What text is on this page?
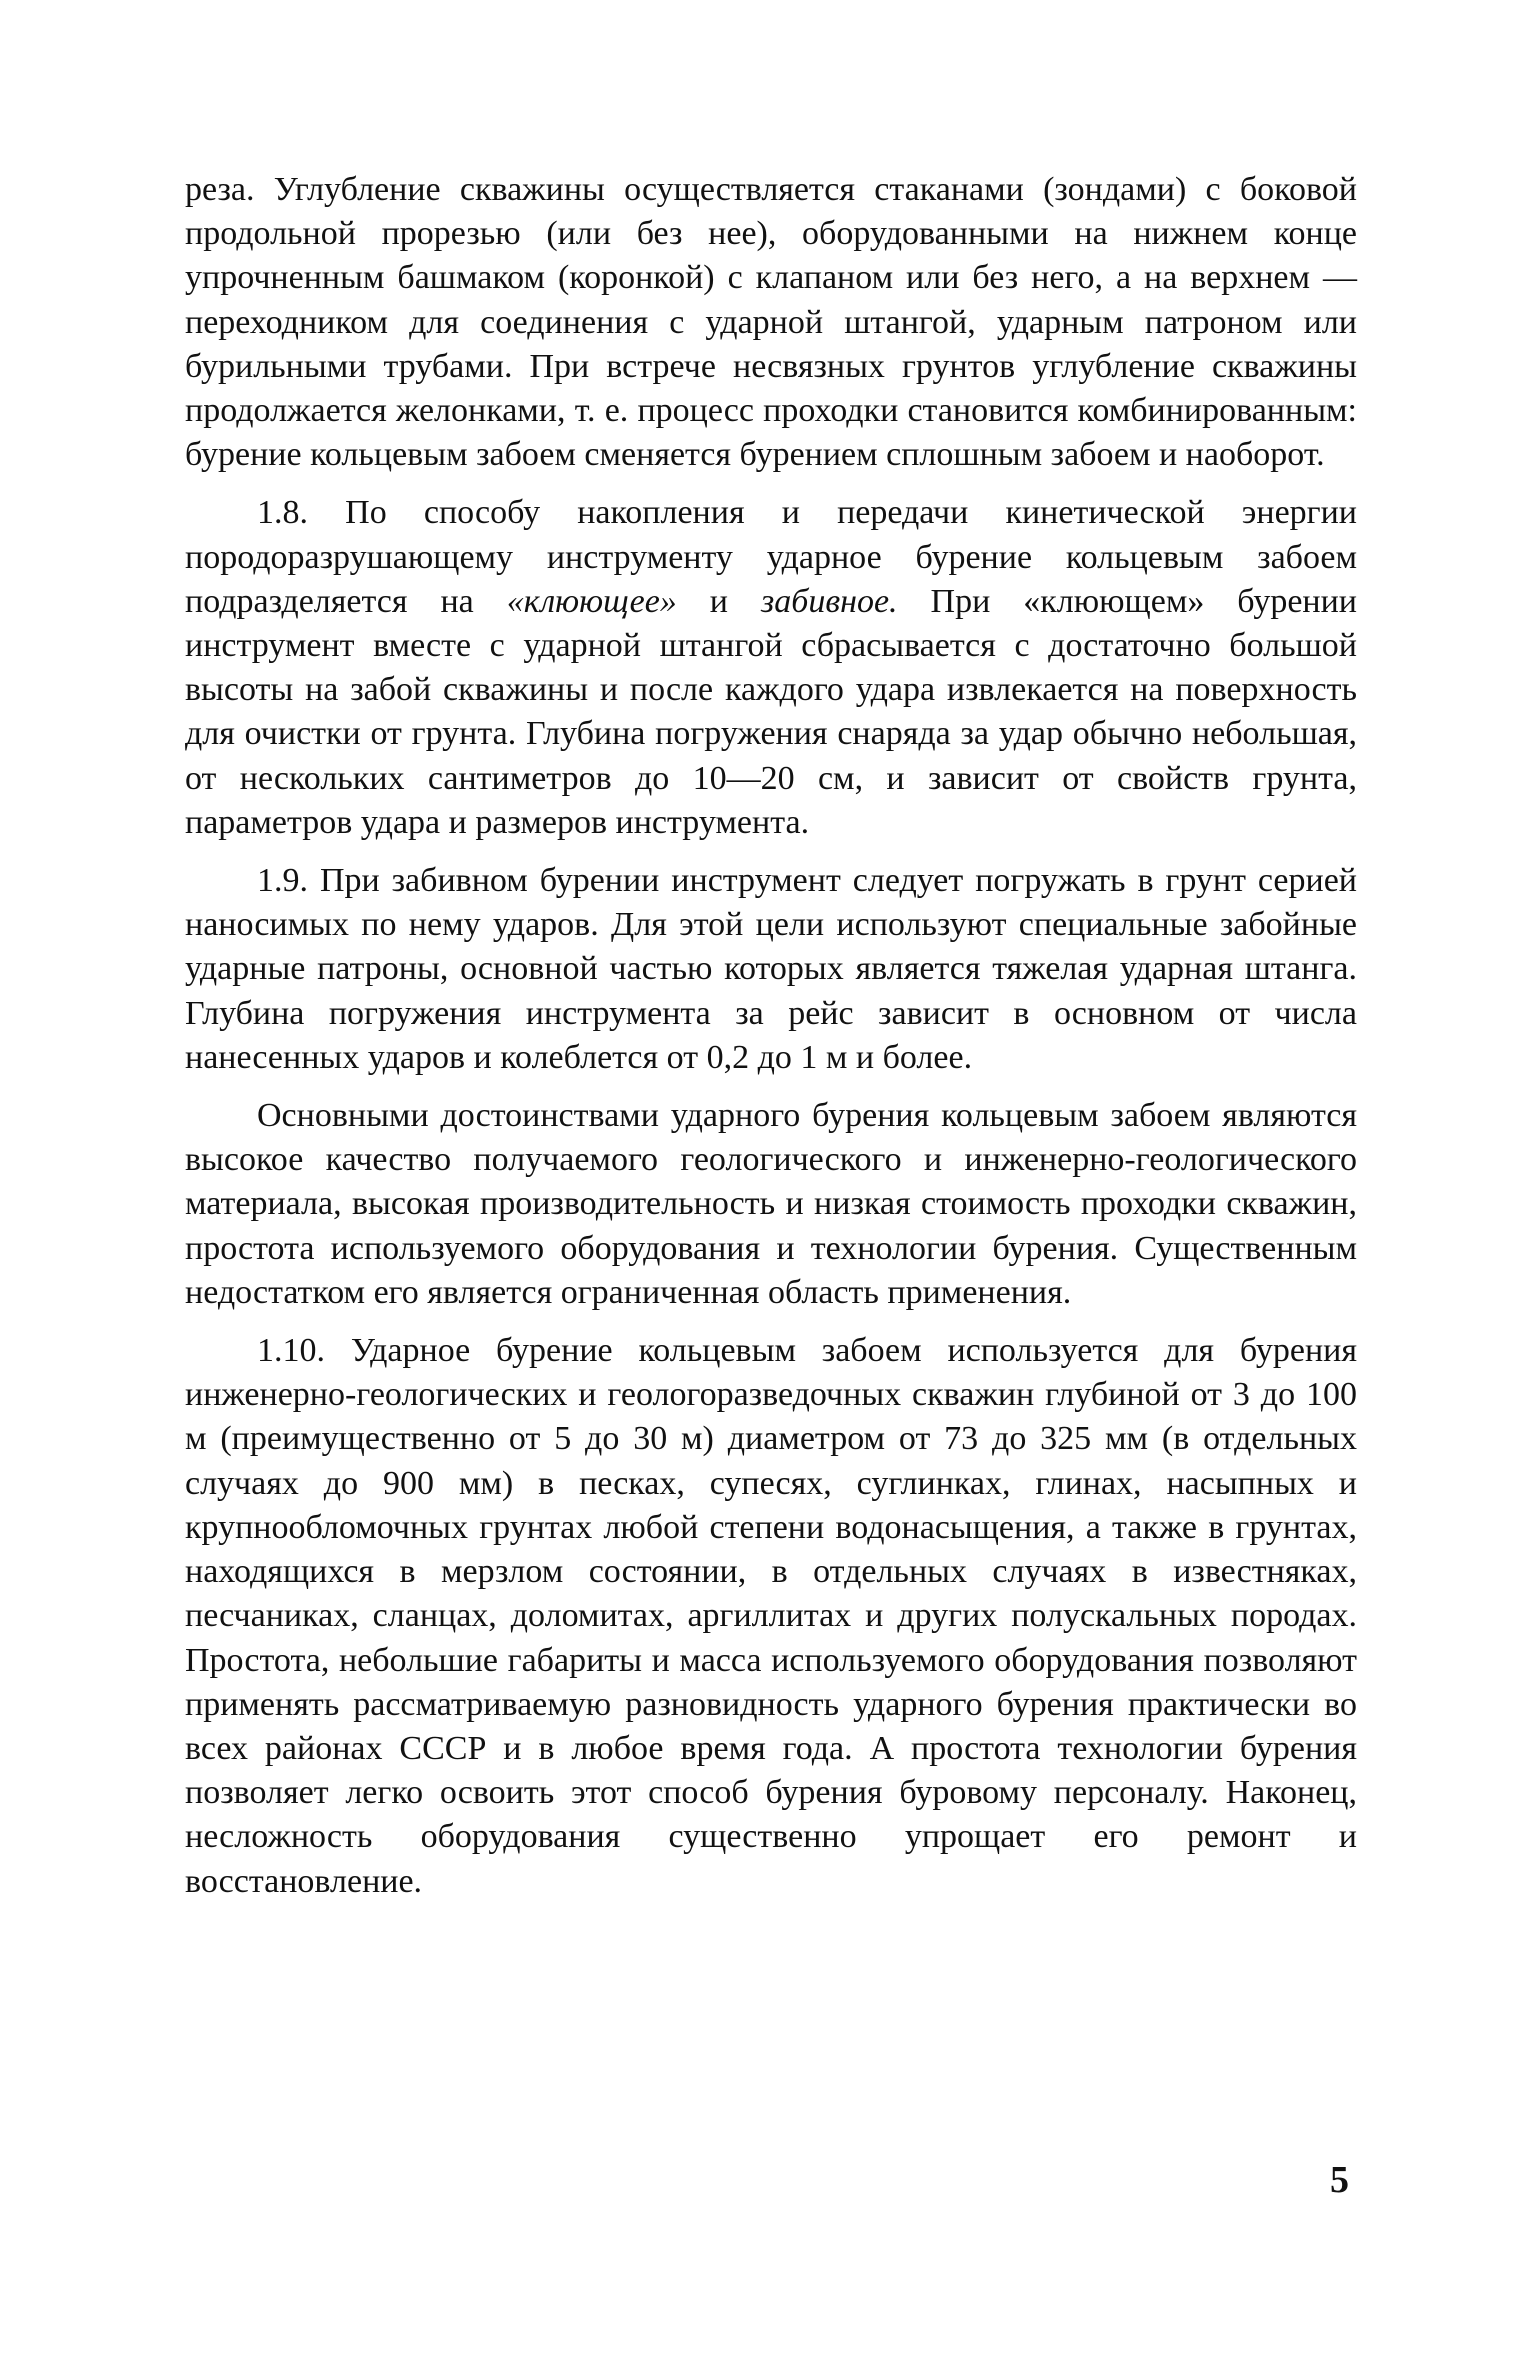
реза. Углубление скважины осуществляется стаканами (зондами) с боковой продольной прорезью (или без нее), оборудованными на нижнем конце упрочненным башмаком (коронкой) с клапаном или без него, а на верхнем — переходником для соединения с ударной штангой, ударным патроном или бурильными трубами. При встрече несвязных грунтов углубление скважины продолжается желонками, т. е. процесс проходки становится комбинированным: бурение кольцевым забоем сменяется бурением сплошным забоем и наоборот.

1.8. По способу накопления и передачи кинетической энергии породоразрушающему инструменту ударное бурение кольцевым забоем подразделяется на «клюющее» и забивное. При «клюющем» бурении инструмент вместе с ударной штангой сбрасывается с достаточно большой высоты на забой скважины и после каждого удара извлекается на поверхность для очистки от грунта. Глубина погружения снаряда за удар обычно небольшая, от нескольких сантиметров до 10—20 см, и зависит от свойств грунта, параметров удара и размеров инструмента.

1.9. При забивном бурении инструмент следует погружать в грунт серией наносимых по нему ударов. Для этой цели используют специальные забойные ударные патроны, основной частью которых является тяжелая ударная штанга. Глубина погружения инструмента за рейс зависит в основном от числа нанесенных ударов и колеблется от 0,2 до 1 м и более.

Основными достоинствами ударного бурения кольцевым забоем являются высокое качество получаемого геологического и инженерно-геологического материала, высокая производительность и низкая стоимость проходки скважин, простота используемого оборудования и технологии бурения. Существенным недостатком его является ограниченная область применения.

1.10. Ударное бурение кольцевым забоем используется для бурения инженерно-геологических и геологоразведочных скважин глубиной от 3 до 100 м (преимущественно от 5 до 30 м) диаметром от 73 до 325 мм (в отдельных случаях до 900 мм) в песках, супесях, суглинках, глинах, насыпных и крупнообломочных грунтах любой степени водонасыщения, а также в грунтах, находящихся в мерзлом состоянии, в отдельных случаях в известняках, песчаниках, сланцах, доломитах, аргиллитах и других полускальных породах. Простота, небольшие габариты и масса используемого оборудования позволяют применять рассматриваемую разновидность ударного бурения практически во всех районах СССР и в любое время года. А простота технологии бурения позволяет легко освоить этот способ бурения буровому персоналу. Наконец, несложность оборудования существенно упрощает его ремонт и восстановление.

5
